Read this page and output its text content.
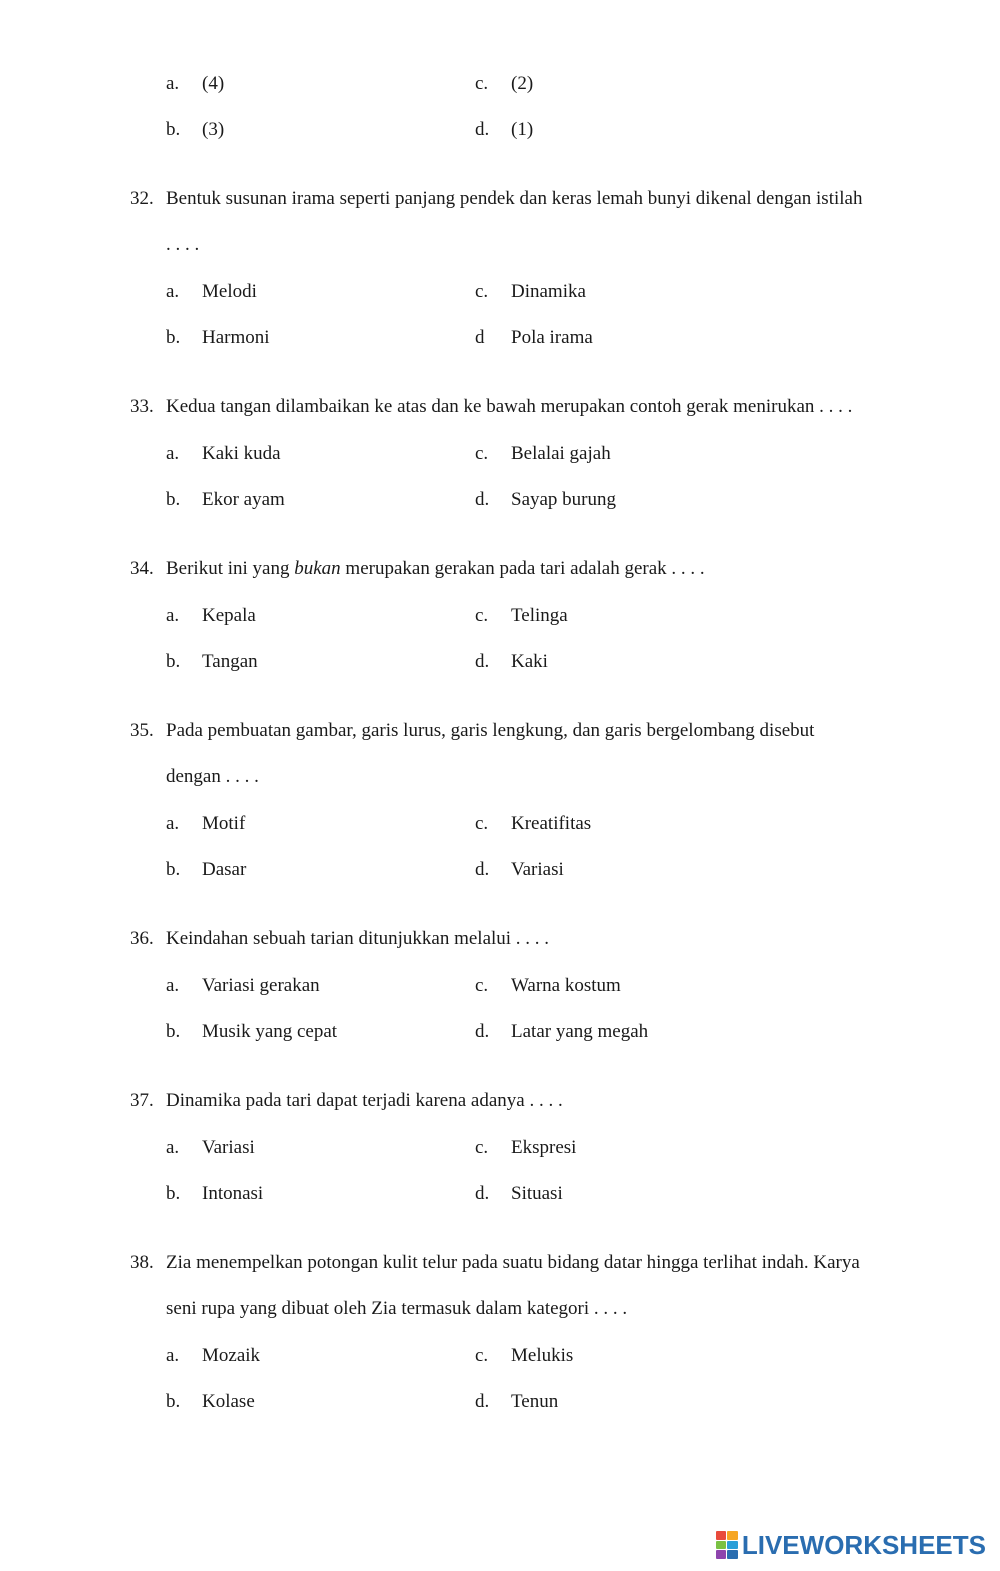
a. (4)	c. (2)
b. (3)	d. (1)
32. Bentuk susunan irama seperti panjang pendek dan keras lemah bunyi dikenal dengan istilah
. . . .
a. Melodi	c. Dinamika
b. Harmoni	d Pola irama
33. Kedua tangan dilambaikan ke atas dan ke bawah merupakan contoh gerak menirukan . . . .
a. Kaki kuda	c. Belalai gajah
b. Ekor ayam	d. Sayap burung
34. Berikut ini yang bukan merupakan gerakan pada tari adalah gerak . . . .
a. Kepala	c. Telinga
b. Tangan	d. Kaki
35. Pada pembuatan gambar, garis lurus, garis lengkung, dan garis bergelombang disebut
dengan . . . .
a. Motif	c. Kreatifitas
b. Dasar	d. Variasi
36. Keindahan sebuah tarian ditunjukkan melalui . . . .
a. Variasi gerakan	c. Warna kostum
b. Musik yang cepat	d. Latar yang megah
37. Dinamika pada tari dapat terjadi karena adanya . . . .
a. Variasi	c. Ekspresi
b. Intonasi	d. Situasi
38. Zia menempelkan potongan kulit telur pada suatu bidang datar hingga terlihat indah. Karya
seni rupa yang dibuat oleh Zia termasuk dalam kategori . . . .
a. Mozaik	c. Melukis
b. Kolase	d. Tenun
LIVEWORKSHEETS
